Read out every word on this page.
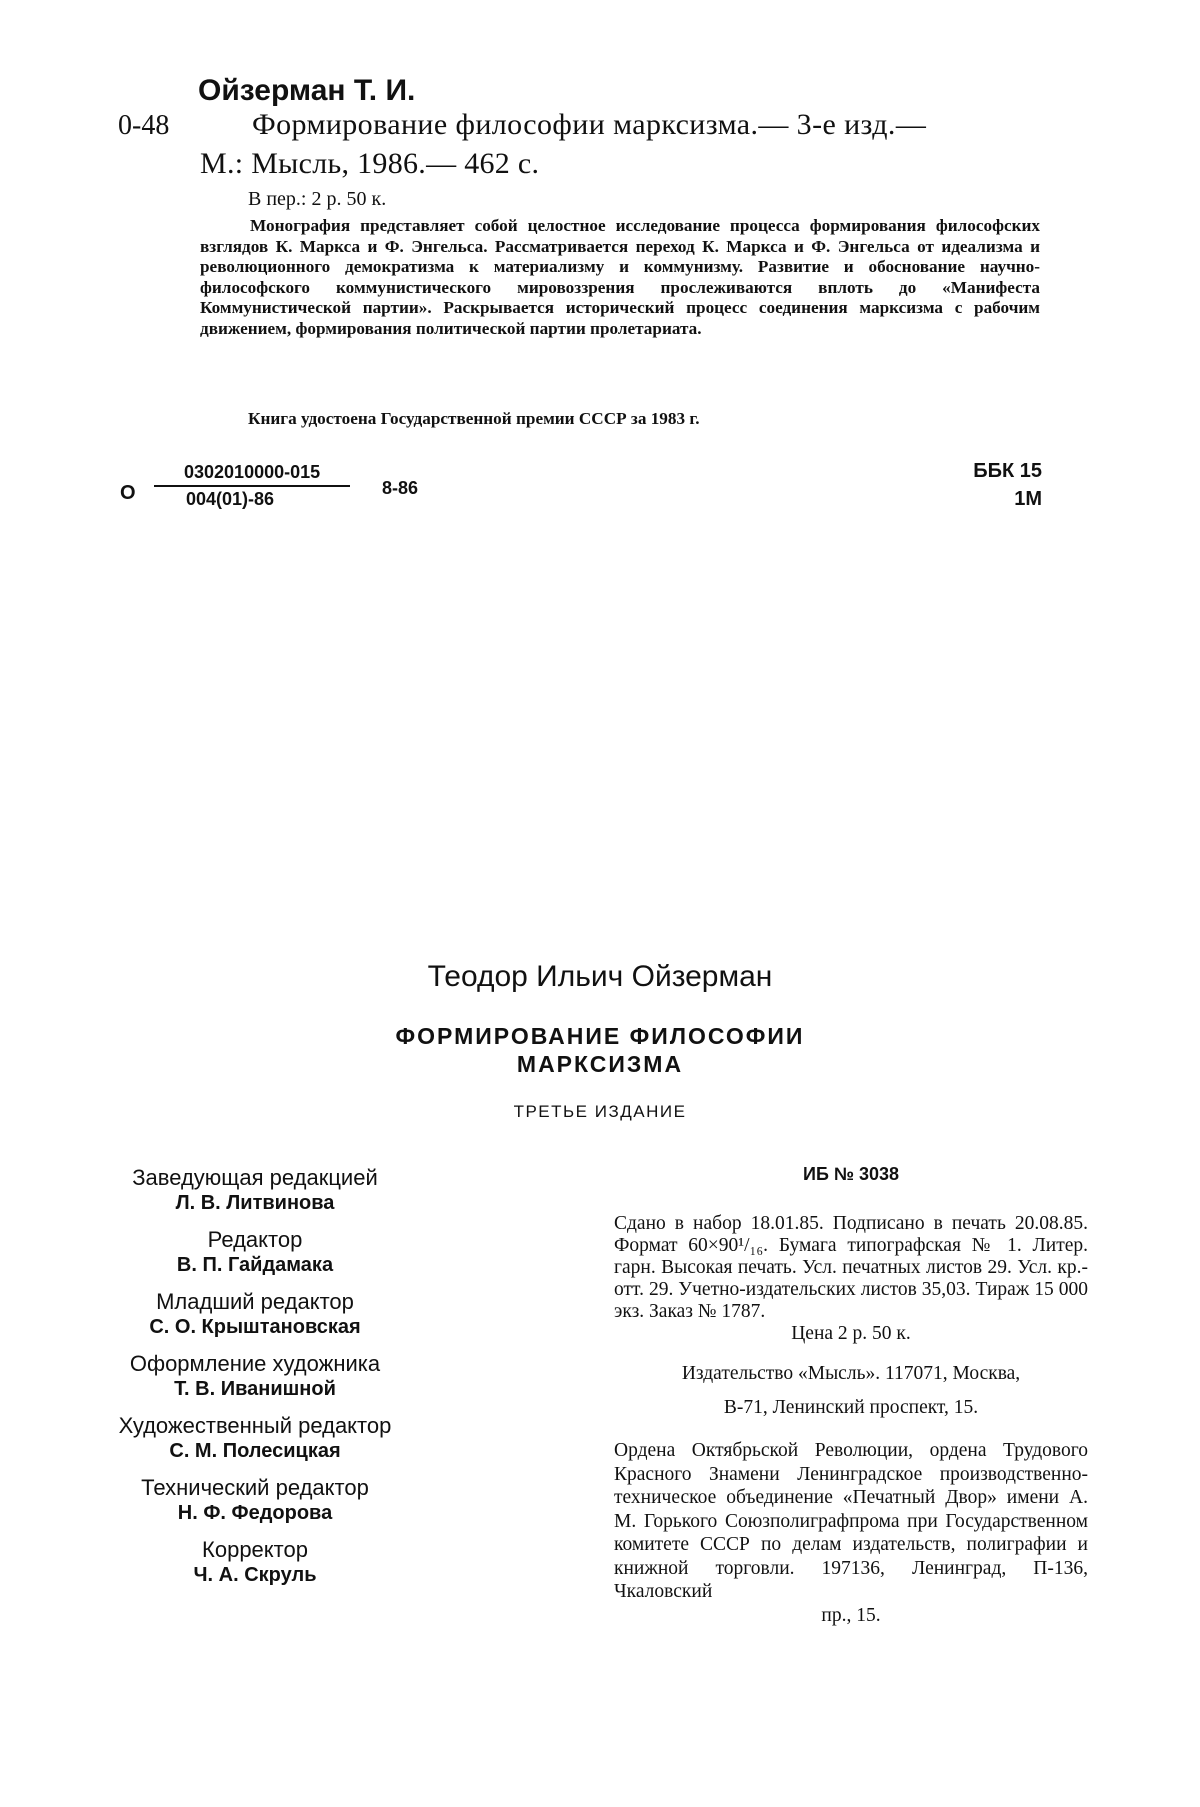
Ойзерман Т. И.
0-48	Формирование философии марксизма.— 3-е изд.—
М.: Мысль, 1986.— 462 с.
В пер.: 2 р. 50 к.
Монография представляет собой целостное исследование процесса формирования философских взглядов К. Маркса и Ф. Энгельса. Рассматривается переход К. Маркса и Ф. Энгельса от идеализма и революционного демократизма к материализму и коммунизму. Развитие и обоснование научно-философского коммунистического мировоззрения прослеживаются вплоть до «Манифеста Коммунистической партии». Раскрывается исторический процесс соединения марксизма с рабочим движением, формирования политической партии пролетариата.
Книга удостоена Государственной премии СССР за 1983 г.
О $\frac{0302010000-015}{004(01)-86} 8-86$
ББК 15
1М
Теодор Ильич Ойзерман
ФОРМИРОВАНИЕ ФИЛОСОФИИ
МАРКСИЗМА
ТРЕТЬЕ ИЗДАНИЕ
Заведующая редакцией
Л. В. Литвинова
Редактор
В. П. Гайдамака
Младший редактор
С. О. Крыштановская
Оформление художника
Т. В. Иванишной
Художественный редактор
С. М. Полесицкая
Технический редактор
Н. Ф. Федорова
Корректор
Ч. А. Скруль
ИБ № 3038
Сдано в набор 18.01.85. Подписано в печать 20.08.85. Формат 60×90¹/₁₆. Бумага типографская № 1. Литер. гарн. Высокая печать. Усл. печатных листов 29. Усл. кр.-отт. 29. Учетно-издательских листов 35,03. Тираж 15 000 экз. Заказ № 1787.
Цена 2 р. 50 к.
Издательство «Мысль». 117071, Москва,
В-71, Ленинский проспект, 15.
Ордена Октябрьской Революции, ордена Трудового Красного Знамени Ленинградское производственно-техническое объединение «Печатный Двор» имени А. М. Горького Союзполиграфпрома при Государственном комитете СССР по делам издательств, полиграфии и книжной торговли. 197136, Ленинград, П-136, Чкаловский
пр., 15.
